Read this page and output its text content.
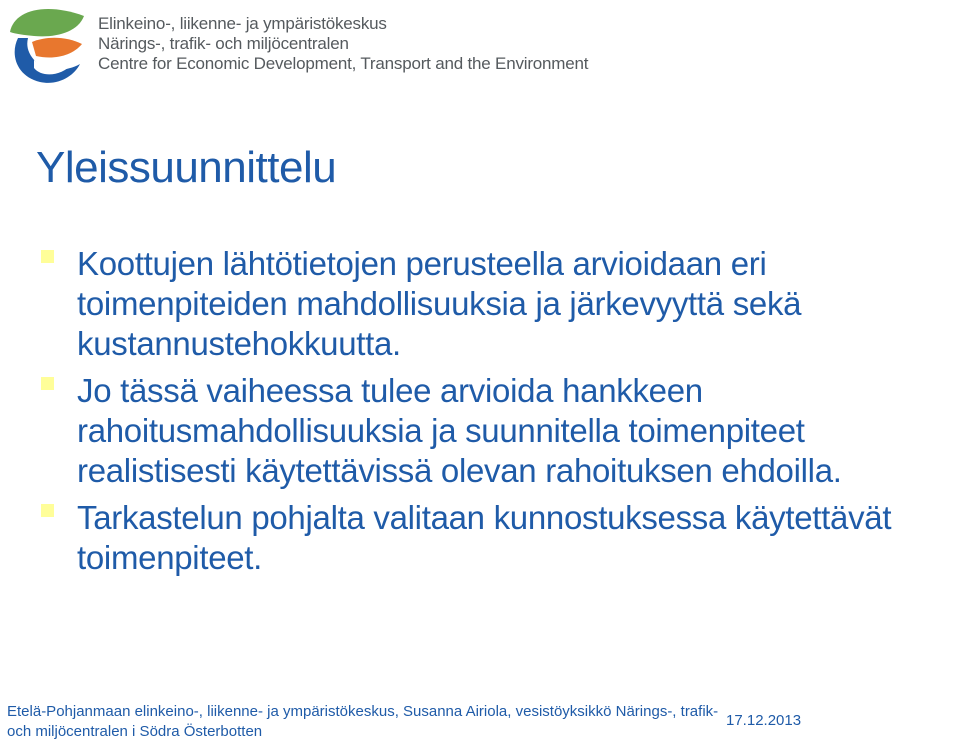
Elinkeino-, liikenne- ja ympäristökeskus
Närings-, trafik- och miljöcentralen
Centre for Economic Development, Transport and the Environment
Yleissuunnittelu
Koottujen lähtötietojen perusteella arvioidaan eri
toimenpiteiden mahdollisuuksia ja järkevyyttä sekä
kustannustehokkuutta.
Jo tässä vaiheessa tulee arvioida hankkeen
rahoitusmahdollisuuksia ja suunnitella toimenpiteet
realistisesti käytettävissä olevan rahoituksen ehdoilla.
Tarkastelun pohjalta valitaan kunnostuksessa käytettävät
toimenpiteet.
Etelä-Pohjanmaan elinkeino-, liikenne- ja ympäristökeskus, Susanna Airiola, vesistöyksikkö Närings-, trafik-
och miljöcentralen i Södra Österbotten
17.12.2013
